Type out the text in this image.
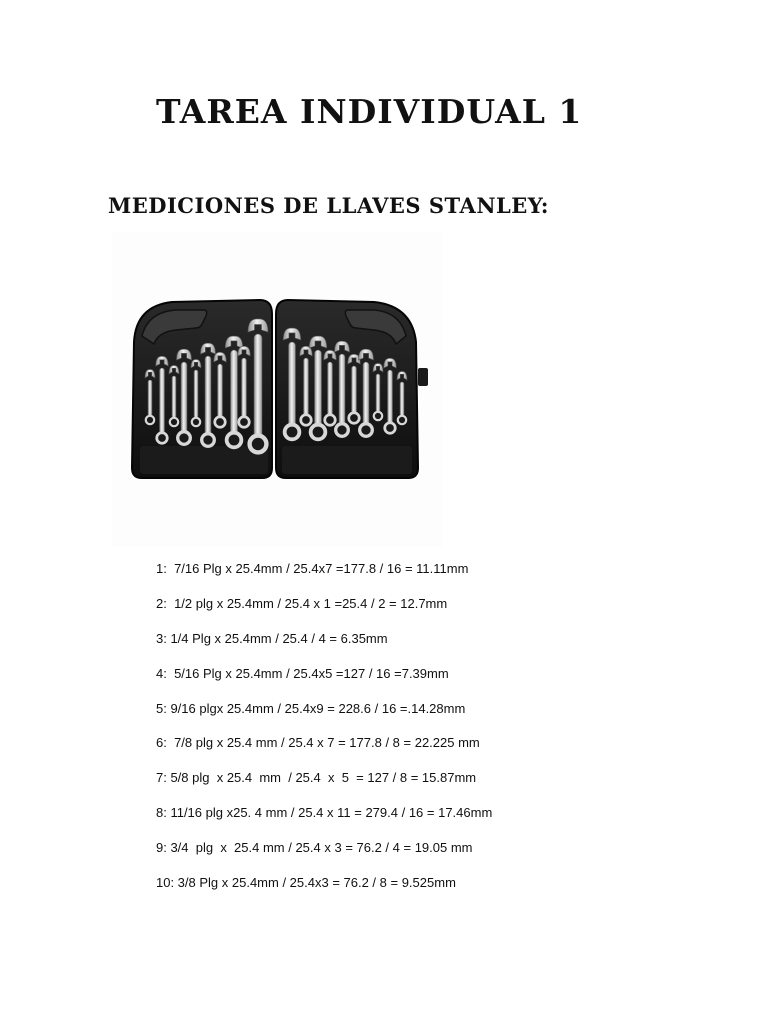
TAREA INDIVIDUAL 1
MEDICIONES DE LLAVES STANLEY:
1:  7/16 Plg x 25.4mm / 25.4x7 =177.8 / 16 = 11.11mm
2:  1/2 plg x 25.4mm / 25.4 x 1 =25.4 / 2 = 12.7mm
3: 1/4 Plg x 25.4mm / 25.4 / 4 = 6.35mm
4:  5/16 Plg x 25.4mm / 25.4x5 =127 / 16 =7.39mm
5: 9/16 plgx 25.4mm / 25.4x9 = 228.6 / 16 =.14.28mm
6:  7/8 plg x 25.4 mm / 25.4 x 7 = 177.8 / 8 = 22.225 mm
7: 5/8 plg  x 25.4  mm  / 25.4  x  5  = 127 / 8 = 15.87mm
8: 11/16 plg x25. 4 mm / 25.4 x 11 = 279.4 / 16 = 17.46mm
9: 3/4  plg  x  25.4 mm / 25.4 x 3 = 76.2 / 4 = 19.05 mm
10: 3/8 Plg x 25.4mm / 25.4x3 = 76.2 / 8 = 9.525mm
